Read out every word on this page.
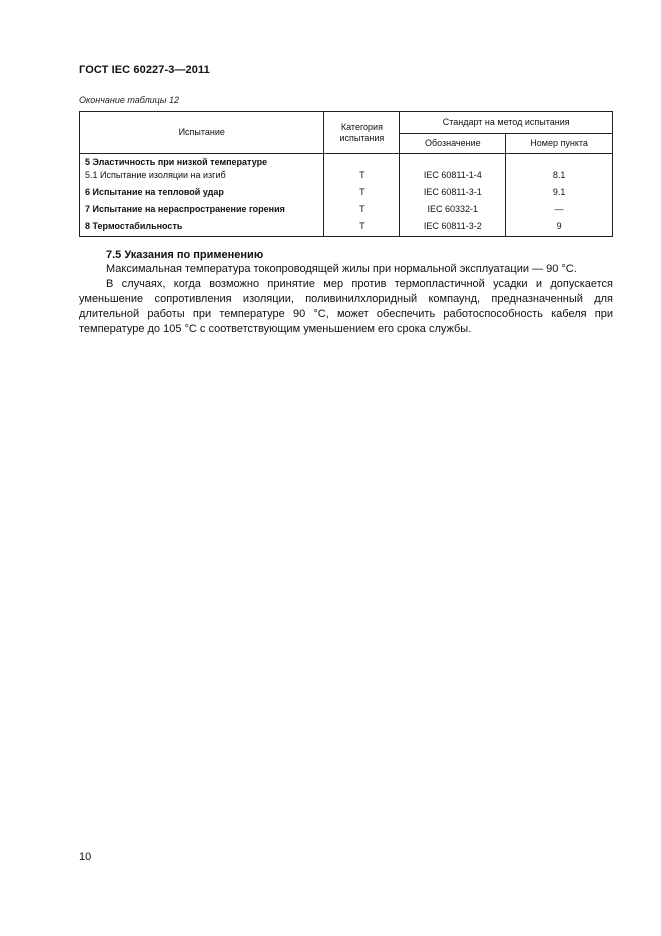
ГОСТ IEC 60227-3—2011
Окончание таблицы 12
Испытание	Категория испытания	Стандарт на метод испытания	
		Обозначение	Номер пункта
5 Эластичность при низкой температуре			
5.1 Испытание изоляции на изгиб	T	IEC 60811-1-4	8.1
6 Испытание на тепловой удар	T	IEC 60811-3-1	9.1
7 Испытание на нераспространение горения	T	IEC 60332-1	—
8 Термостабильность	T	IEC 60811-3-2	9
7.5 Указания по применению

Максимальная температура токопроводящей жилы при нормальной эксплуатации — 90 °С.

В случаях, когда возможно принятие мер против термопластичной усадки и допускается уменьшение сопротивления изоляции, поливинилхлоридный компаунд, предназначенный для длительной работы при температуре 90 °С, может обеспечить работоспособность кабеля при температуре до 105 °С с соответствующим уменьшением его срока службы.

10
